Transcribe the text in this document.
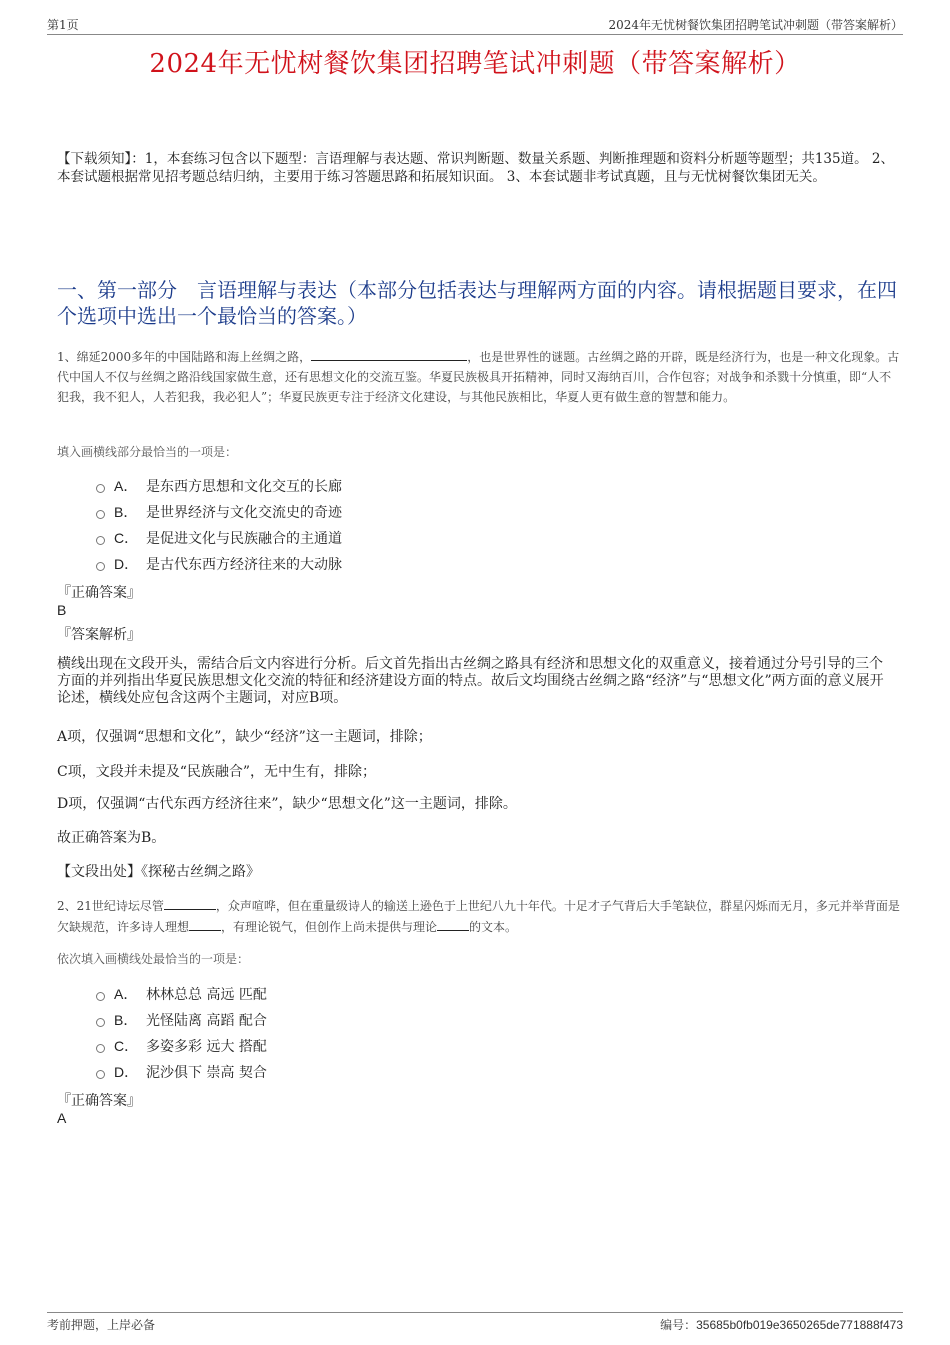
第1页	2024年无忧树餐饮集团招聘笔试冲刺题（带答案解析）
2024年无忧树餐饮集团招聘笔试冲刺题（带答案解析）
【下载须知】：1，本套练习包含以下题型：言语理解与表达题、常识判断题、数量关系题、判断推理题和资料分析题等题型；共135道。 2、本套试题根据常见招考题总结归纳，主要用于练习答题思路和拓展知识面。 3、本套试题非考试真题，且与无忧树餐饮集团无关。
一、第一部分　言语理解与表达（本部分包括表达与理解两方面的内容。请根据题目要求，在四个选项中选出一个最恰当的答案。）
1、绵延2000多年的中国陆路和海上丝绸之路，	，也是世界性的谜题。古丝绸之路的开辟，既是经济行为，也是一种文化现象。古代中国人不仅与丝绸之路沿线国家做生意，还有思想文化的交流互鉴。华夏民族极具开拓精神，同时又海纳百川，合作包容；对战争和杀戮十分慎重，即“人不犯我，我不犯人，人若犯我，我必犯人”；华夏民族更专注于经济文化建设，与其他民族相比，华夏人更有做生意的智慧和能力。
填入画横线部分最恰当的一项是：
A． 是东西方思想和文化交互的长廊
B． 是世界经济与文化交流史的奇迹
C． 是促进文化与民族融合的主通道
D． 是古代东西方经济往来的大动脉
『正确答案』
B
『答案解析』
横线出现在文段开头，需结合后文内容进行分析。后文首先指出古丝绸之路具有经济和思想文化的双重意义，接着通过分号引导的三个方面的并列指出华夏民族思想文化交流的特征和经济建设方面的特点。故后文均围绕古丝绸之路“经济”与“思想文化”两方面的意义展开论述，横线处应包含这两个主题词，对应B项。
A项，仅强调“思想和文化”，缺少“经济”这一主题词，排除；
C项，文段并未提及“民族融合”，无中生有，排除；
D项，仅强调“古代东西方经济往来”，缺少“思想文化”这一主题词，排除。
故正确答案为B。
【文段出处】《探秘古丝绸之路》
2、21世纪诗坛尽管	，众声喧哗，但在重量级诗人的输送上逊色于上世纪八九十年代。十足才子气背后大手笔缺位，群星闪烁而无月，多元并举背面是欠缺规范，许多诗人理想	，有理论锐气，但创作上尚未提供与理论	的文本。
依次填入画横线处最恰当的一项是：
A． 林林总总 高远 匹配
B． 光怪陆离 高蹈 配合
C． 多姿多彩 远大 搭配
D． 泥沙俱下 崇高 契合
『正确答案』
A
考前押题，上岸必备	编号：35685b0fb019e3650265de771888f473
